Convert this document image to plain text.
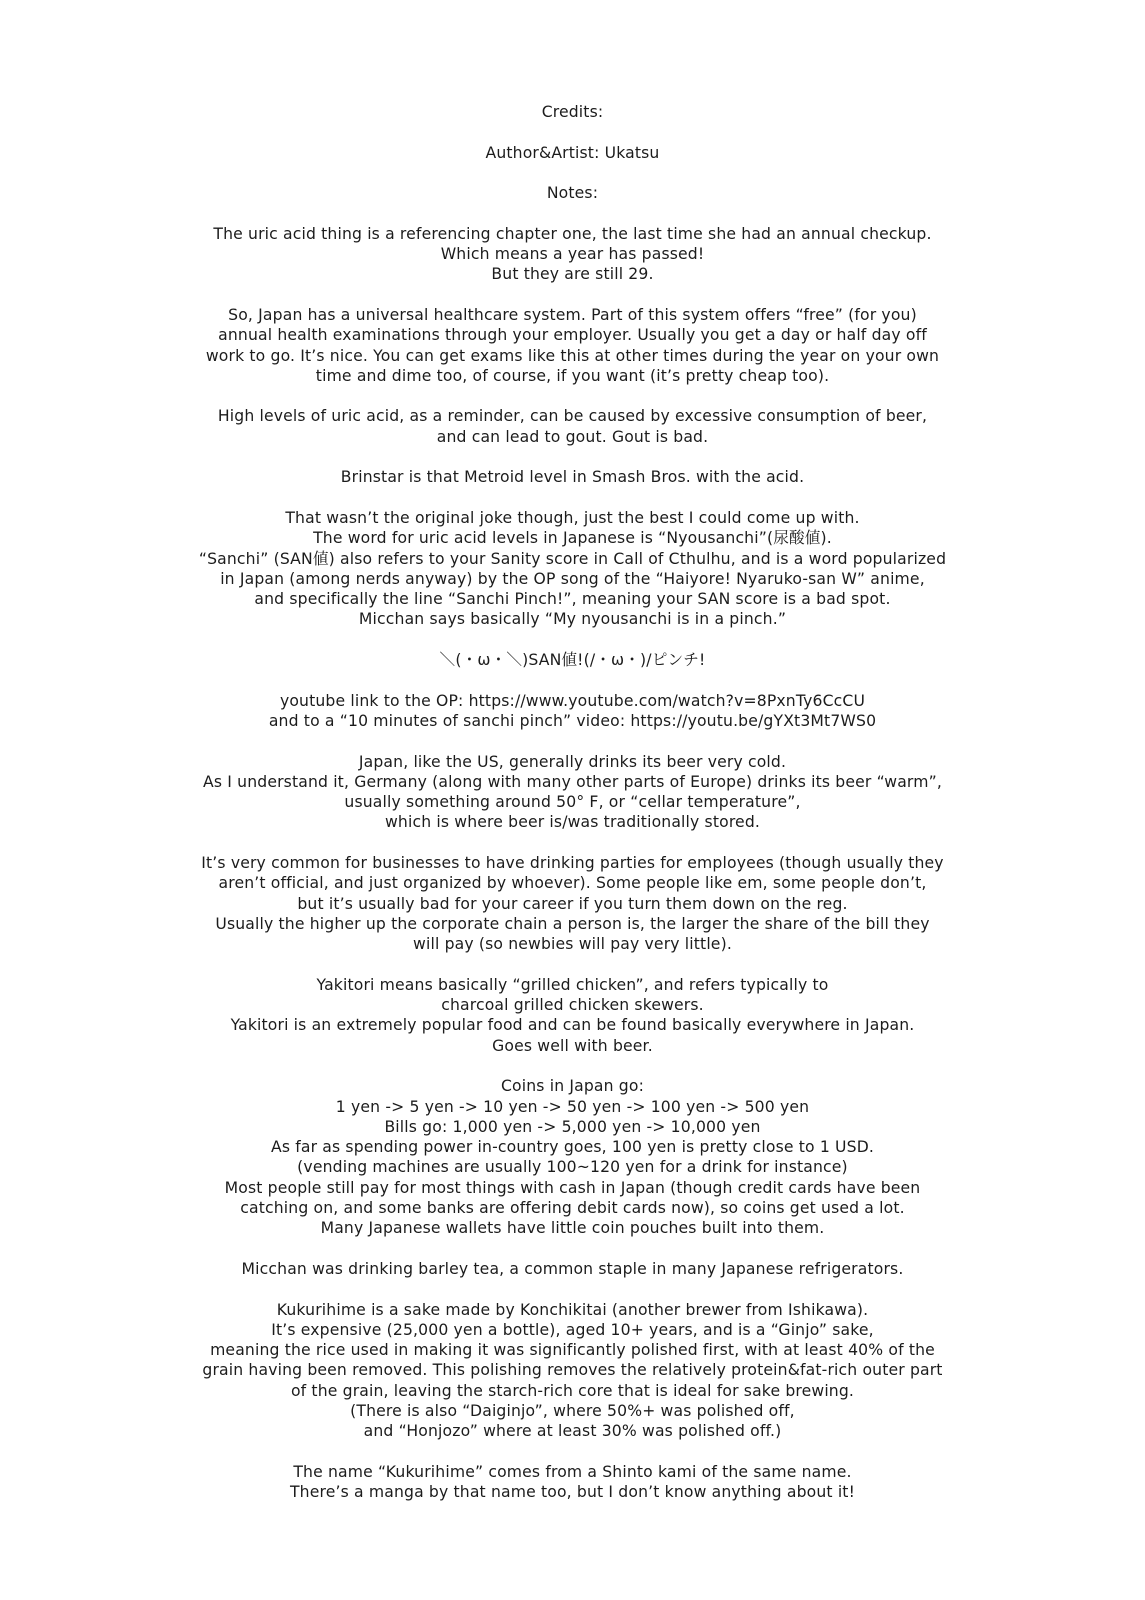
Credits:

Author&Artist: Ukatsu

Notes:

The uric acid thing is a referencing chapter one, the last time she had an annual checkup.
Which means a year has passed!
But they are still 29.

So, Japan has a universal healthcare system. Part of this system offers “free” (for you)
annual health examinations through your employer. Usually you get a day or half day off
work to go. It’s nice. You can get exams like this at other times during the year on your own
time and dime too, of course, if you want (it’s pretty cheap too).

High levels of uric acid, as a reminder, can be caused by excessive consumption of beer,
and can lead to gout. Gout is bad.

Brinstar is that Metroid level in Smash Bros. with the acid.

That wasn’t the original joke though, just the best I could come up with.
The word for uric acid levels in Japanese is “Nyousanchi”(尿酸値).
“Sanchi” (SAN値) also refers to your Sanity score in Call of Cthulhu, and is a word popularized
in Japan (among nerds anyway) by the OP song of the “Haiyore! Nyaruko-san W” anime,
and specifically the line “Sanchi Pinch!”, meaning your SAN score is a bad spot.
Micchan says basically “My nyousanchi is in a pinch.”

＼(・ω・＼)SAN値!(/・ω・)/ピンチ!

youtube link to the OP: https://www.youtube.com/watch?v=8PxnTy6CcCU
and to a “10 minutes of sanchi pinch” video: https://youtu.be/gYXt3Mt7WS0

Japan, like the US, generally drinks its beer very cold.
As I understand it, Germany (along with many other parts of Europe) drinks its beer “warm”,
usually something around 50° F, or “cellar temperature”,
which is where beer is/was traditionally stored.

It’s very common for businesses to have drinking parties for employees (though usually they
aren’t official, and just organized by whoever). Some people like em, some people don’t,
but it’s usually bad for your career if you turn them down on the reg.
Usually the higher up the corporate chain a person is, the larger the share of the bill they
will pay (so newbies will pay very little).

Yakitori means basically “grilled chicken”, and refers typically to
charcoal grilled chicken skewers.
Yakitori is an extremely popular food and can be found basically everywhere in Japan.
Goes well with beer.

Coins in Japan go:
1 yen -> 5 yen -> 10 yen -> 50 yen -> 100 yen -> 500 yen
Bills go: 1,000 yen -> 5,000 yen -> 10,000 yen
As far as spending power in-country goes, 100 yen is pretty close to 1 USD.
(vending machines are usually 100~120 yen for a drink for instance)
Most people still pay for most things with cash in Japan (though credit cards have been
catching on, and some banks are offering debit cards now), so coins get used a lot.
Many Japanese wallets have little coin pouches built into them.

Micchan was drinking barley tea, a common staple in many Japanese refrigerators.

Kukurihime is a sake made by Konchikitai (another brewer from Ishikawa).
It’s expensive (25,000 yen a bottle), aged 10+ years, and is a “Ginjo” sake,
meaning the rice used in making it was significantly polished first, with at least 40% of the
grain having been removed. This polishing removes the relatively protein&fat-rich outer part
of the grain, leaving the starch-rich core that is ideal for sake brewing.
(There is also “Daiginjo”, where 50%+ was polished off,
and “Honjozo” where at least 30% was polished off.)

The name “Kukurihime” comes from a Shinto kami of the same name.
There’s a manga by that name too, but I don’t know anything about it!
